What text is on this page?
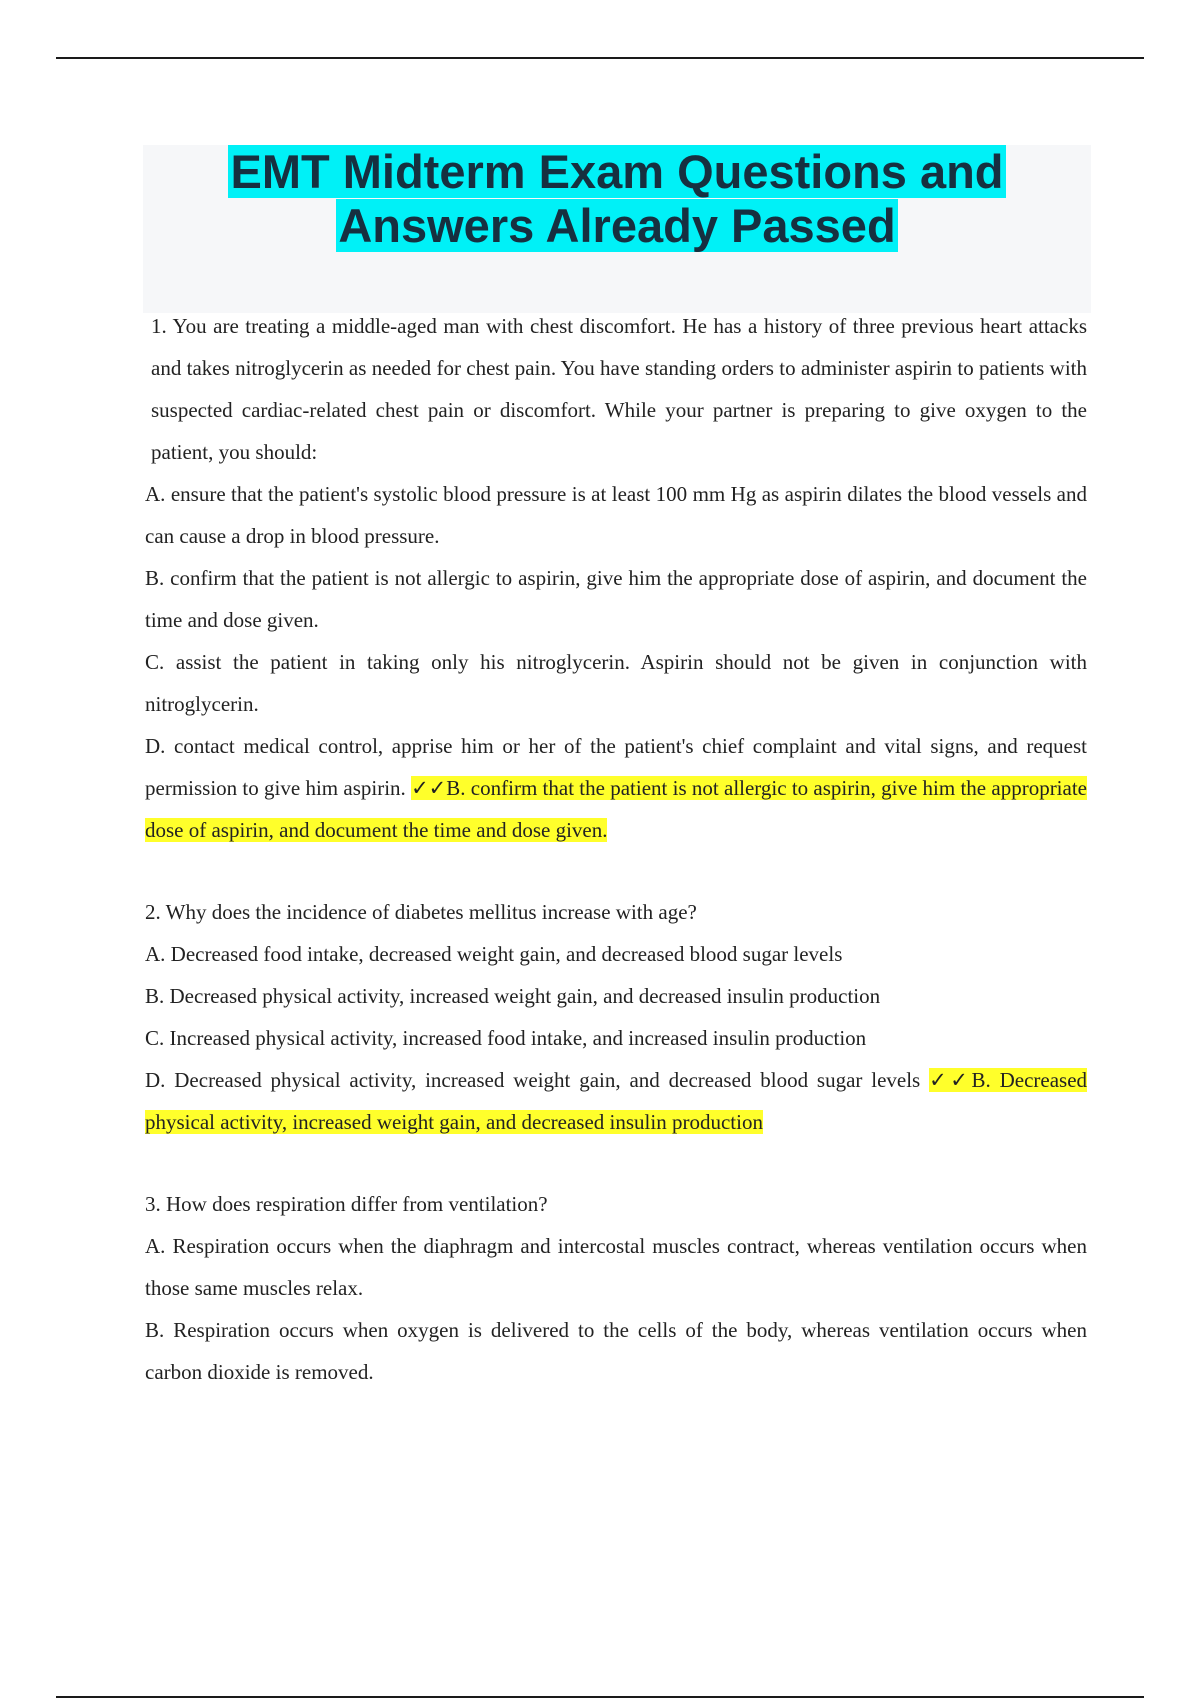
EMT Midterm Exam Questions and
Answers Already Passed

1. You are treating a middle-aged man with chest discomfort. He has a history of three previous heart attacks and takes nitroglycerin as needed for chest pain. You have standing orders to administer aspirin to patients with suspected cardiac-related chest pain or discomfort. While your partner is preparing to give oxygen to the patient, you should:

A. ensure that the patient's systolic blood pressure is at least 100 mm Hg as aspirin dilates the blood vessels and can cause a drop in blood pressure.

B. confirm that the patient is not allergic to aspirin, give him the appropriate dose of aspirin, and document the time and dose given.

C. assist the patient in taking only his nitroglycerin. Aspirin should not be given in conjunction with nitroglycerin.

D. contact medical control, apprise him or her of the patient's chief complaint and vital signs, and request permission to give him aspirin. ✓✓B. confirm that the patient is not allergic to aspirin, give him the appropriate dose of aspirin, and document the time and dose given.

2. Why does the incidence of diabetes mellitus increase with age?

A. Decreased food intake, decreased weight gain, and decreased blood sugar levels

B. Decreased physical activity, increased weight gain, and decreased insulin production

C. Increased physical activity, increased food intake, and increased insulin production

D. Decreased physical activity, increased weight gain, and decreased blood sugar levels ✓✓B. Decreased physical activity, increased weight gain, and decreased insulin production

3. How does respiration differ from ventilation?

A. Respiration occurs when the diaphragm and intercostal muscles contract, whereas ventilation occurs when those same muscles relax.

B. Respiration occurs when oxygen is delivered to the cells of the body, whereas ventilation occurs when carbon dioxide is removed.
